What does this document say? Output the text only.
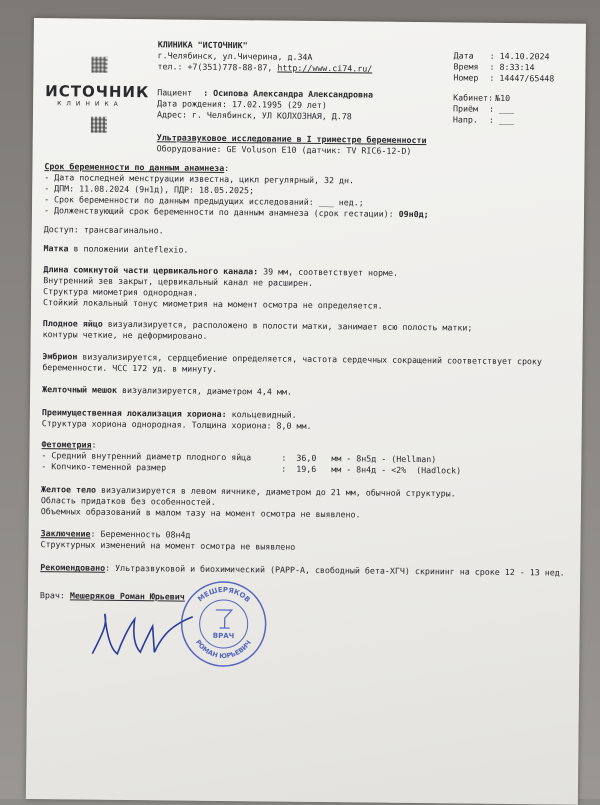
ИСТОЧНИК
КЛИНИКА
КЛИНИКА "ИСТОЧНИК"
г.Челябинск, ул.Чичерина, д.34А
тел.: +7(351)778-88-87, http://www.ci74.ru/
Дата : 14.10.2024
Время : 8:33:14
Номер : 14447/65448
Кабинет: №10
Приём : ___
Напр. : ___
Пациент : Осипова Александра Александровна
Дата рождения: 17.02.1995 (29 лет)
Адрес: г. Челябинск, УЛ КОЛХОЗНАЯ, Д.78
Ультразвуковое исследование в I триместре беременности
Оборудование: GE Voluson E10 (датчик: TV RIC6-12-D)
Срок беременности по данным анамнеза:
- Дата последней менструации известна, цикл регулярный, 32 дн.
- ДПМ: 11.08.2024 (9н1д), ПДР: 18.05.2025;
- Срок беременности по данным предыдущих исследований: ___ нед.;
- Долженствующий срок беременности по данным анамнеза (срок гестации): 09н0д;
Доступ: трансвагинально.
Матка в положении anteflexio.
Длина сомкнутой части цервикального канала: 39 мм, соответствует норме.
Внутренний зев закрыт, цервикальный канал не расширен.
Структура миометрия однородная.
Стойкий локальный тонус миометрия на момент осмотра не определяется.
Плодное яйцо визуализируется, расположено в полости матки, занимает всю полость матки;
контуры четкие, не деформировано.
Эмбрион визуализируется, сердцебиение определяется, частота сердечных сокращений соответствует сроку
беременности. ЧСС 172 уд. в минуту.
Желточный мешок визуализируется, диаметром 4,4 мм.
Преимущественная локализация хориона: кольцевидный.
Структура хориона однородная. Толщина хориона: 8,0 мм.
Фетометрия:
- Средний внутренний диаметр плодного яйца	:  36,0   мм - 8н5д - (Hellman)
- Копчико-теменной размер	:  19,6   мм - 8н4д - <2%  (Hadlock)
Желтое тело визуализируется в левом яичнике, диаметром до 21 мм, обычной структуры.
Область придатков без особенностей.
Объемных образований в малом тазу на момент осмотра не выявлено.
Заключение: Беременность 08н4д
Структурных изменений на момент осмотра не выявлено
Рекомендовано: Ультразвуковой и биохимический (PAPP-A, свободный бета-ХГЧ) скрининг на сроке 12 - 13 нед.
Врач: Мешеряков Роман Юрьевич МЕШЕРЯКОВ
РОМАН ЮРЬЕВИЧ
ВРАЧ
